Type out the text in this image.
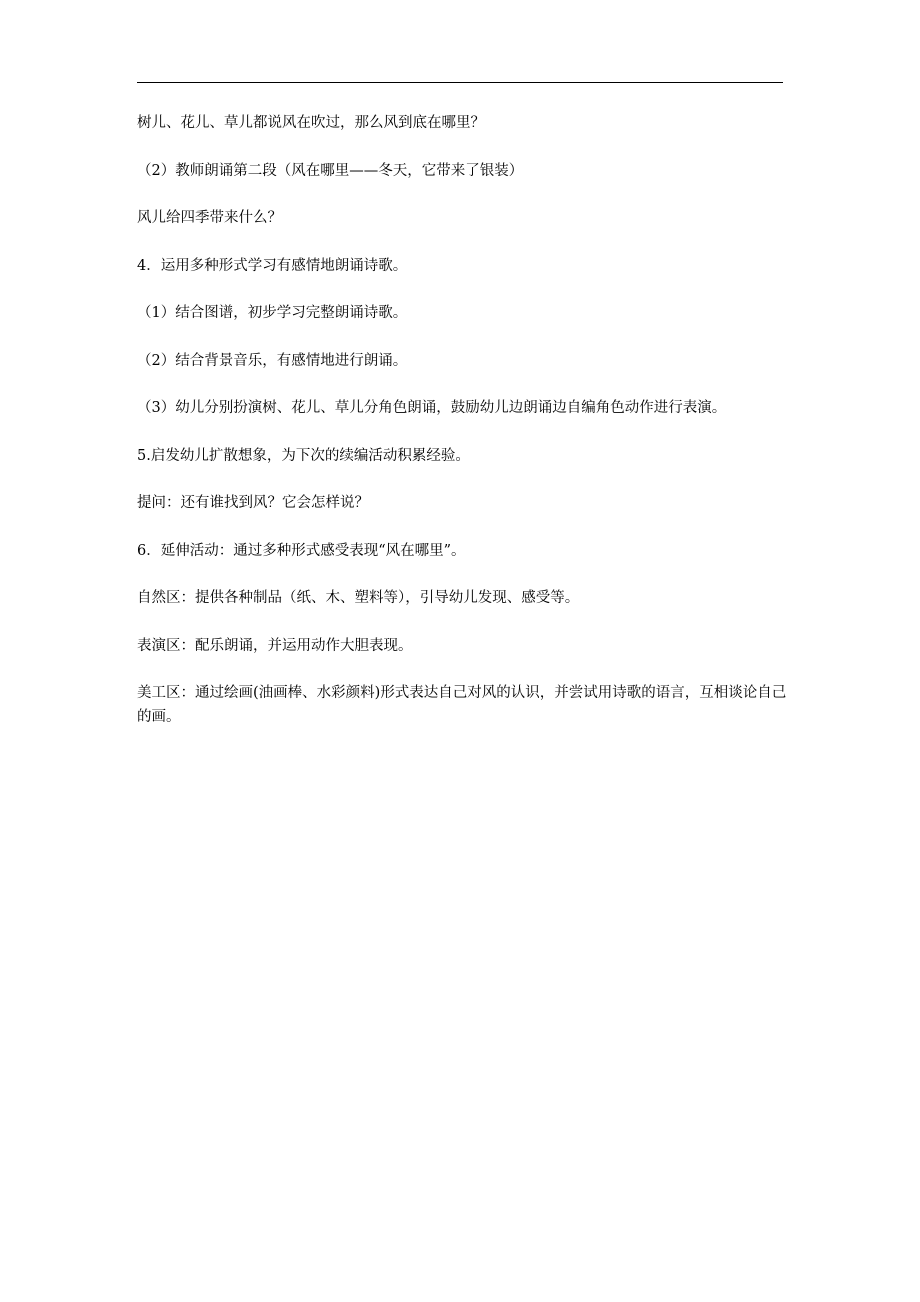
树儿、花儿、草儿都说风在吹过，那么风到底在哪里？

（2）教师朗诵第二段（风在哪里——冬天，它带来了银装）

风儿给四季带来什么？

4．运用多种形式学习有感情地朗诵诗歌。

（1）结合图谱，初步学习完整朗诵诗歌。

（2）结合背景音乐，有感情地进行朗诵。

（3）幼儿分别扮演树、花儿、草儿分角色朗诵，鼓励幼儿边朗诵边自编角色动作进行表演。

5.启发幼儿扩散想象，为下次的续编活动积累经验。

提问：还有谁找到风？它会怎样说？

6．延伸活动：通过多种形式感受表现“风在哪里”。

自然区：提供各种制品（纸、木、塑料等），引导幼儿发现、感受等。

表演区：配乐朗诵，并运用动作大胆表现。

美工区：通过绘画(油画棒、水彩颜料)形式表达自己对风的认识，并尝试用诗歌的语言，互相谈论自己的画。
